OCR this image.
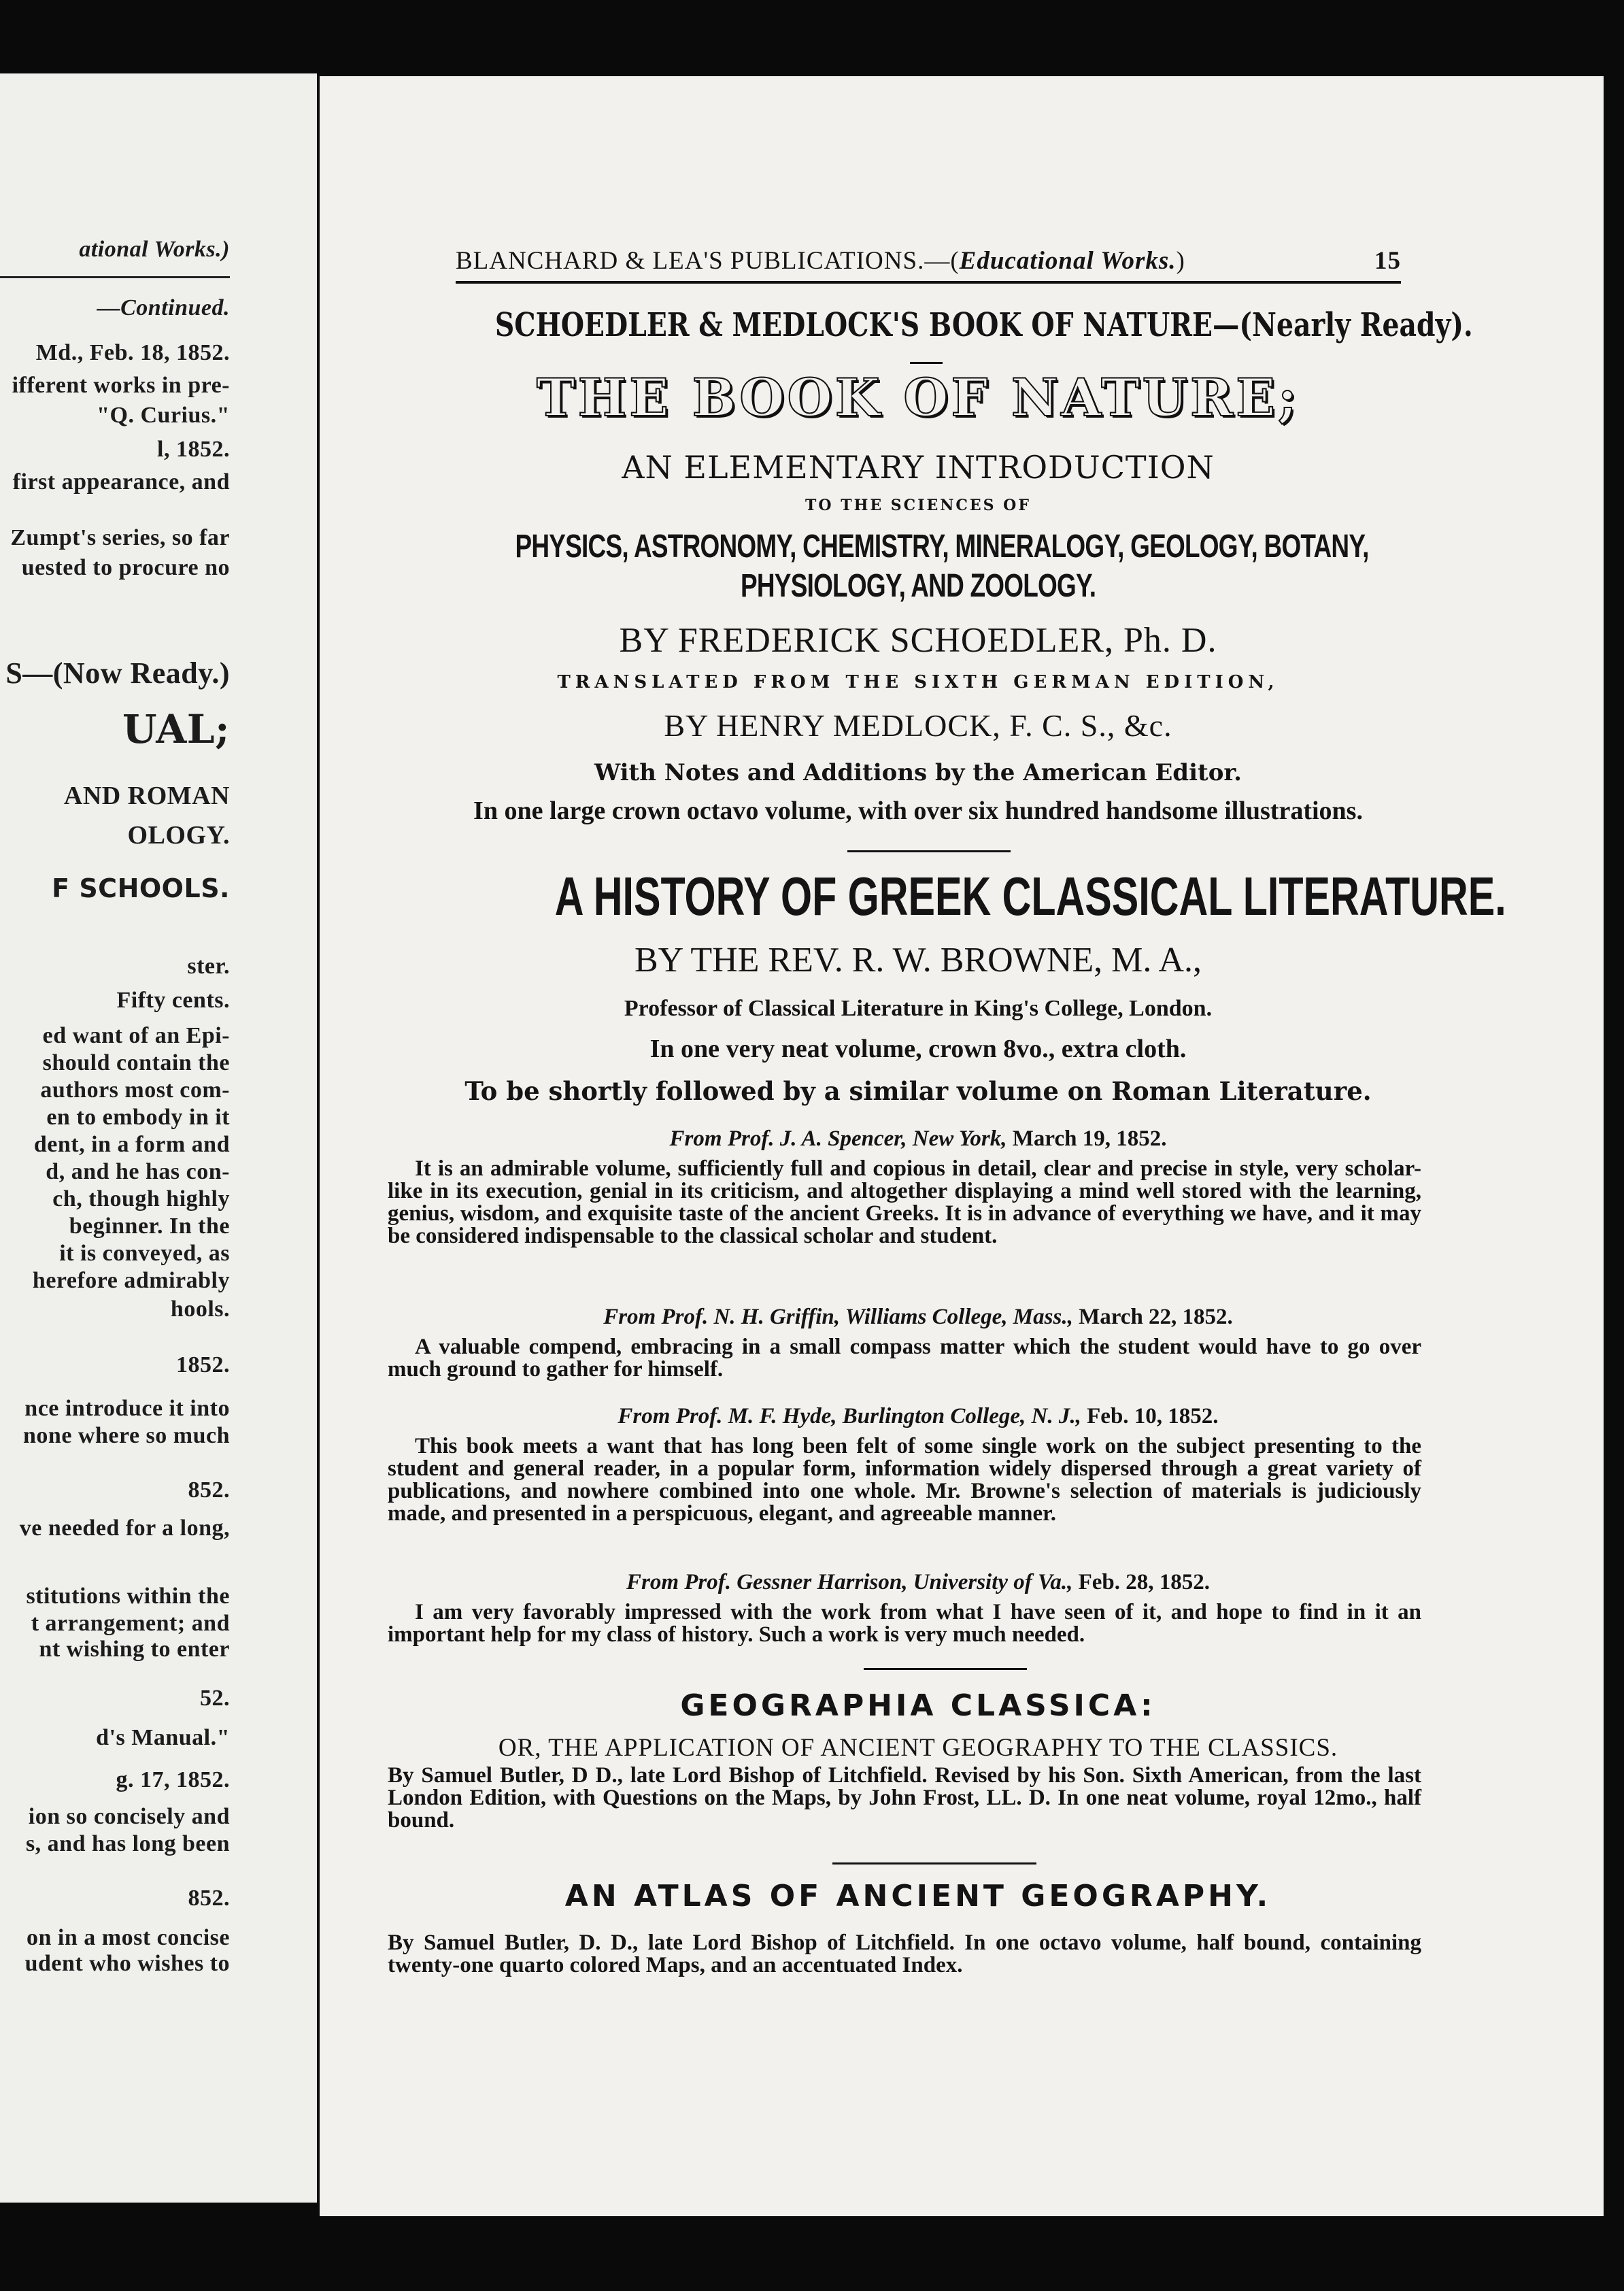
ational Works.)
—Continued.
Md., Feb. 18, 1852.
ifferent works in pre-
"Q. Curius."
l, 1852.
first appearance, and
Zumpt's series, so far
uested to procure no
S—(Now Ready.)
UAL;
AND ROMAN
OLOGY.
F SCHOOLS.
ster.
Fifty cents.
ed want of an Epi-
should contain the
authors most com-
en to embody in it
dent, in a form and
d, and he has con-
ch, though highly
beginner. In the
it is conveyed, as
herefore admirably
hools.
1852.
nce introduce it into
none where so much
852.
ve needed for a long,
stitutions within the
t arrangement; and
nt wishing to enter
52.
d's Manual."
g. 17, 1852.
ion so concisely and
s, and has long been
852.
on in a most concise
udent who wishes to
BLANCHARD & LEA'S PUBLICATIONS.—(Educational Works.)	15
SCHOEDLER & MEDLOCK'S BOOK OF NATURE—(Nearly Ready).
THE BOOK OF NATURE;
AN ELEMENTARY INTRODUCTION
TO THE SCIENCES OF
PHYSICS, ASTRONOMY, CHEMISTRY, MINERALOGY, GEOLOGY, BOTANY,
PHYSIOLOGY, AND ZOOLOGY.
BY FREDERICK SCHOEDLER, Ph. D.
TRANSLATED FROM THE SIXTH GERMAN EDITION,
BY HENRY MEDLOCK, F. C. S., &c.
With Notes and Additions by the American Editor.
In one large crown octavo volume, with over six hundred handsome illustrations.
A HISTORY OF GREEK CLASSICAL LITERATURE.
BY THE REV. R. W. BROWNE, M. A.,
Professor of Classical Literature in King's College, London.
In one very neat volume, crown 8vo., extra cloth.
To be shortly followed by a similar volume on Roman Literature.
From Prof. J. A. Spencer, New York, March 19, 1852.
It is an admirable volume, sufficiently full and copious in detail, clear and precise in style, very scholar-like in its execution, genial in its criticism, and altogether displaying a mind well stored with the learning, genius, wisdom, and exquisite taste of the ancient Greeks. It is in advance of everything we have, and it may be considered indispensable to the classical scholar and student.
From Prof. N. H. Griffin, Williams College, Mass., March 22, 1852.
A valuable compend, embracing in a small compass matter which the student would have to go over much ground to gather for himself.
From Prof. M. F. Hyde, Burlington College, N. J., Feb. 10, 1852.
This book meets a want that has long been felt of some single work on the subject presenting to the student and general reader, in a popular form, information widely dispersed through a great variety of publications, and nowhere combined into one whole. Mr. Browne's selection of materials is judiciously made, and presented in a perspicuous, elegant, and agreeable manner.
From Prof. Gessner Harrison, University of Va., Feb. 28, 1852.
I am very favorably impressed with the work from what I have seen of it, and hope to find in it an important help for my class of history. Such a work is very much needed.
GEOGRAPHIA CLASSICA:
OR, THE APPLICATION OF ANCIENT GEOGRAPHY TO THE CLASSICS.
By Samuel Butler, D D., late Lord Bishop of Litchfield. Revised by his Son. Sixth American, from the last London Edition, with Questions on the Maps, by John Frost, LL. D. In one neat volume, royal 12mo., half bound.
AN ATLAS OF ANCIENT GEOGRAPHY.
By Samuel Butler, D. D., late Lord Bishop of Litchfield. In one octavo volume, half bound, containing twenty-one quarto colored Maps, and an accentuated Index.
